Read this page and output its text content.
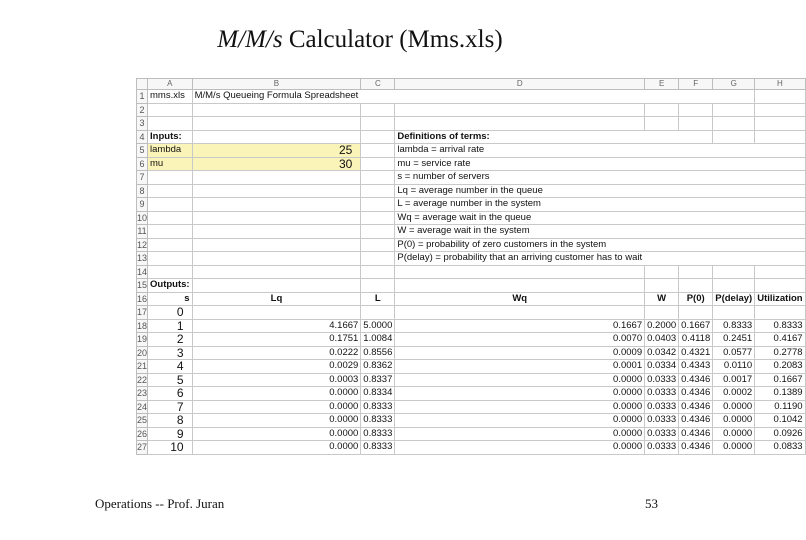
M/M/s Calculator (Mms.xls)
	A	B	C	D	E	F	G	H
1	mms.xls	M/M/s Queueing Formula Spreadsheet						
2								
3								
4	Inputs:			Definitions of terms:				
5	lambda	25		lambda = arrival rate				
6	mu	30		mu = service rate				
7				s = number of servers				
8				Lq = average number in the queue				
9				L = average number in the system				
10				Wq = average wait in the queue				
11				W = average wait in the system				
12				P(0) = probability of zero customers in the system				
13				P(delay) = probability that an arriving customer has to wait				
14								
15	Outputs:							
16	s	Lq	L	Wq	W	P(0)	P(delay)	Utilization
17	0							
18	1	4.1667	5.0000	0.1667	0.2000	0.1667	0.8333	0.8333
19	2	0.1751	1.0084	0.0070	0.0403	0.4118	0.2451	0.4167
20	3	0.0222	0.8556	0.0009	0.0342	0.4321	0.0577	0.2778
21	4	0.0029	0.8362	0.0001	0.0334	0.4343	0.0110	0.2083
22	5	0.0003	0.8337	0.0000	0.0333	0.4346	0.0017	0.1667
23	6	0.0000	0.8334	0.0000	0.0333	0.4346	0.0002	0.1389
24	7	0.0000	0.8333	0.0000	0.0333	0.4346	0.0000	0.1190
25	8	0.0000	0.8333	0.0000	0.0333	0.4346	0.0000	0.1042
26	9	0.0000	0.8333	0.0000	0.0333	0.4346	0.0000	0.0926
27	10	0.0000	0.8333	0.0000	0.0333	0.4346	0.0000	0.0833
Operations -- Prof. Juran	53
